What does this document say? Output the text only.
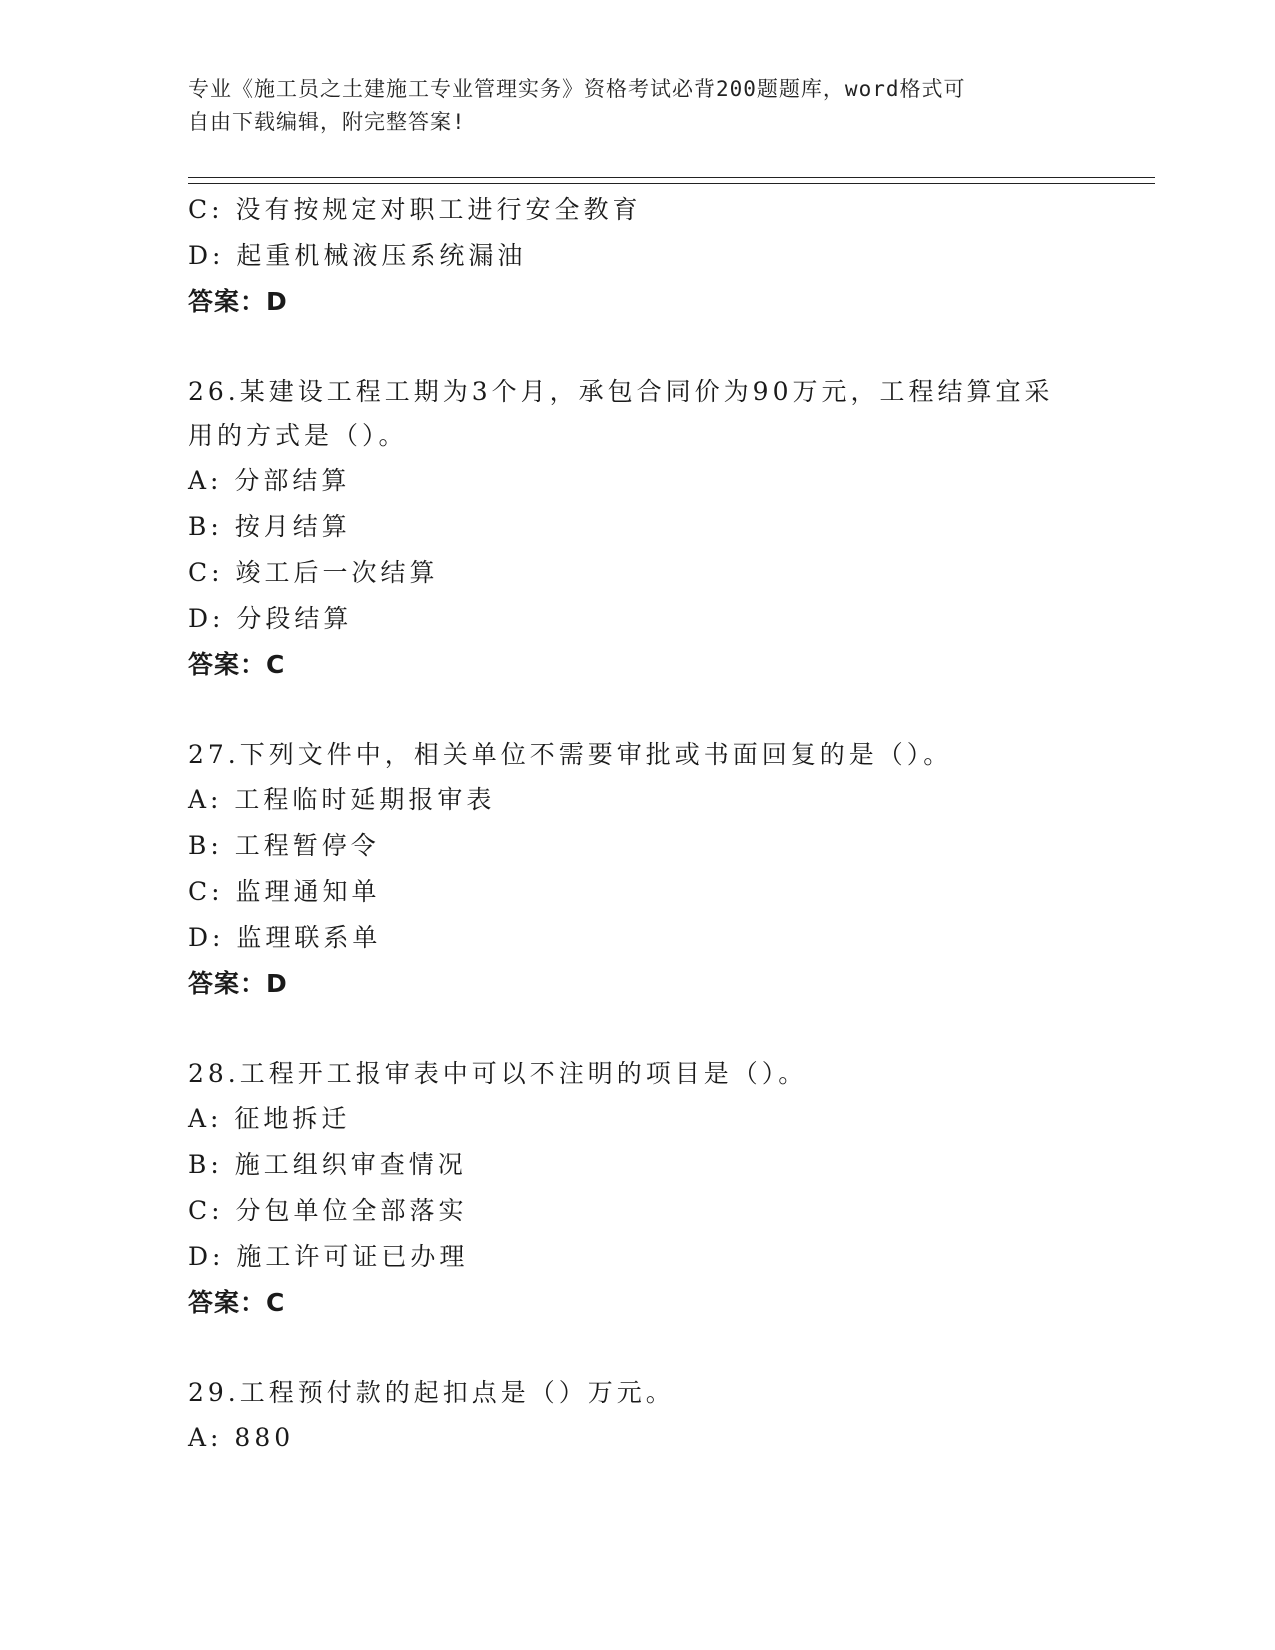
专业《施工员之土建施工专业管理实务》资格考试必背200题题库，word格式可
自由下载编辑，附完整答案!
C: 没有按规定对职工进行安全教育
D: 起重机械液压系统漏油
答案：D
26.某建设工程工期为3个月，承包合同价为90万元，工程结算宜采
用的方式是（）。
A: 分部结算
B: 按月结算
C: 竣工后一次结算
D: 分段结算
答案：C
27.下列文件中，相关单位不需要审批或书面回复的是（）。
A: 工程临时延期报审表
B: 工程暂停令
C: 监理通知单
D: 监理联系单
答案：D
28.工程开工报审表中可以不注明的项目是（）。
A: 征地拆迁
B: 施工组织审查情况
C: 分包单位全部落实
D: 施工许可证已办理
答案：C
29.工程预付款的起扣点是（）万元。
A: 880
